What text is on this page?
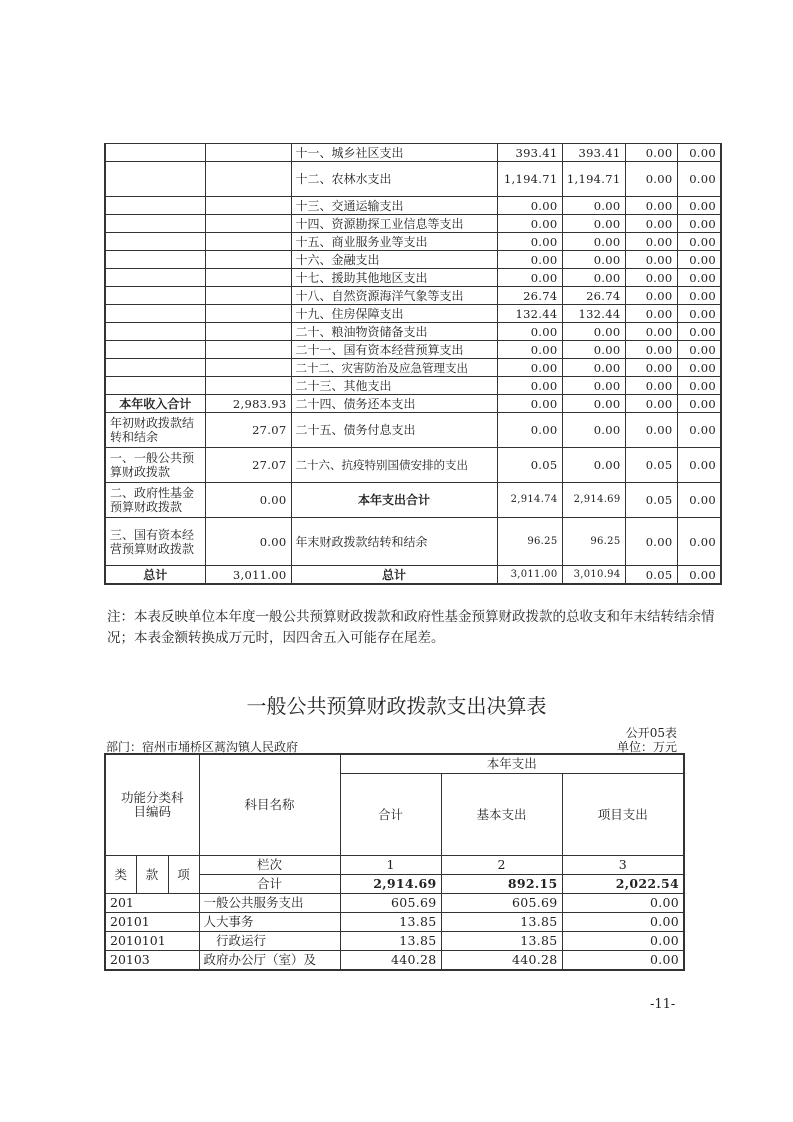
		十一、城乡社区支出	393.41	393.41	0.00	0.00
		十二、农林水支出	1,194.71	1,194.71	0.00	0.00
		十三、交通运输支出	0.00	0.00	0.00	0.00
		十四、资源勘探工业信息等支出	0.00	0.00	0.00	0.00
		十五、商业服务业等支出	0.00	0.00	0.00	0.00
		十六、金融支出	0.00	0.00	0.00	0.00
		十七、援助其他地区支出	0.00	0.00	0.00	0.00
		十八、自然资源海洋气象等支出	26.74	26.74	0.00	0.00
		十九、住房保障支出	132.44	132.44	0.00	0.00
		二十、粮油物资储备支出	0.00	0.00	0.00	0.00
		二十一、国有资本经营预算支出	0.00	0.00	0.00	0.00
		二十二、灾害防治及应急管理支出	0.00	0.00	0.00	0.00
		二十三、其他支出	0.00	0.00	0.00	0.00
本年收入合计	2,983.93	二十四、债务还本支出	0.00	0.00	0.00	0.00
年初财政拨款结转和结余	27.07	二十五、债务付息支出	0.00	0.00	0.00	0.00
一、一般公共预算财政拨款	27.07	二十六、抗疫特别国债安排的支出	0.05	0.00	0.05	0.00
二、政府性基金预算财政拨款	0.00	本年支出合计	2,914.74	2,914.69	0.05	0.00
三、国有资本经营预算财政拨款	0.00	年末财政拨款结转和结余	96.25	96.25	0.00	0.00
总计	3,011.00	总计	3,011.00	3,010.94	0.05	0.00
注：本表反映单位本年度一般公共预算财政拨款和政府性基金预算财政拨款的总收支和年末结转结余情况；本表金额转换成万元时，因四舍五入可能存在尾差。
一般公共预算财政拨款支出决算表
公开05表
部门：宿州市埇桥区蒿沟镇人民政府	单位：万元
功能分类科目编码			科目名称	本年支出		
				合计	基本支出	项目支出
类	款	项	栏次	1	2	3
			合计	2,914.69	892.15	2,022.54
201			一般公共服务支出	605.69	605.69	0.00
20101			人大事务	13.85	13.85	0.00
2010101			　行政运行	13.85	13.85	0.00
20103			政府办公厅（室）及	440.28	440.28	0.00
-11-
